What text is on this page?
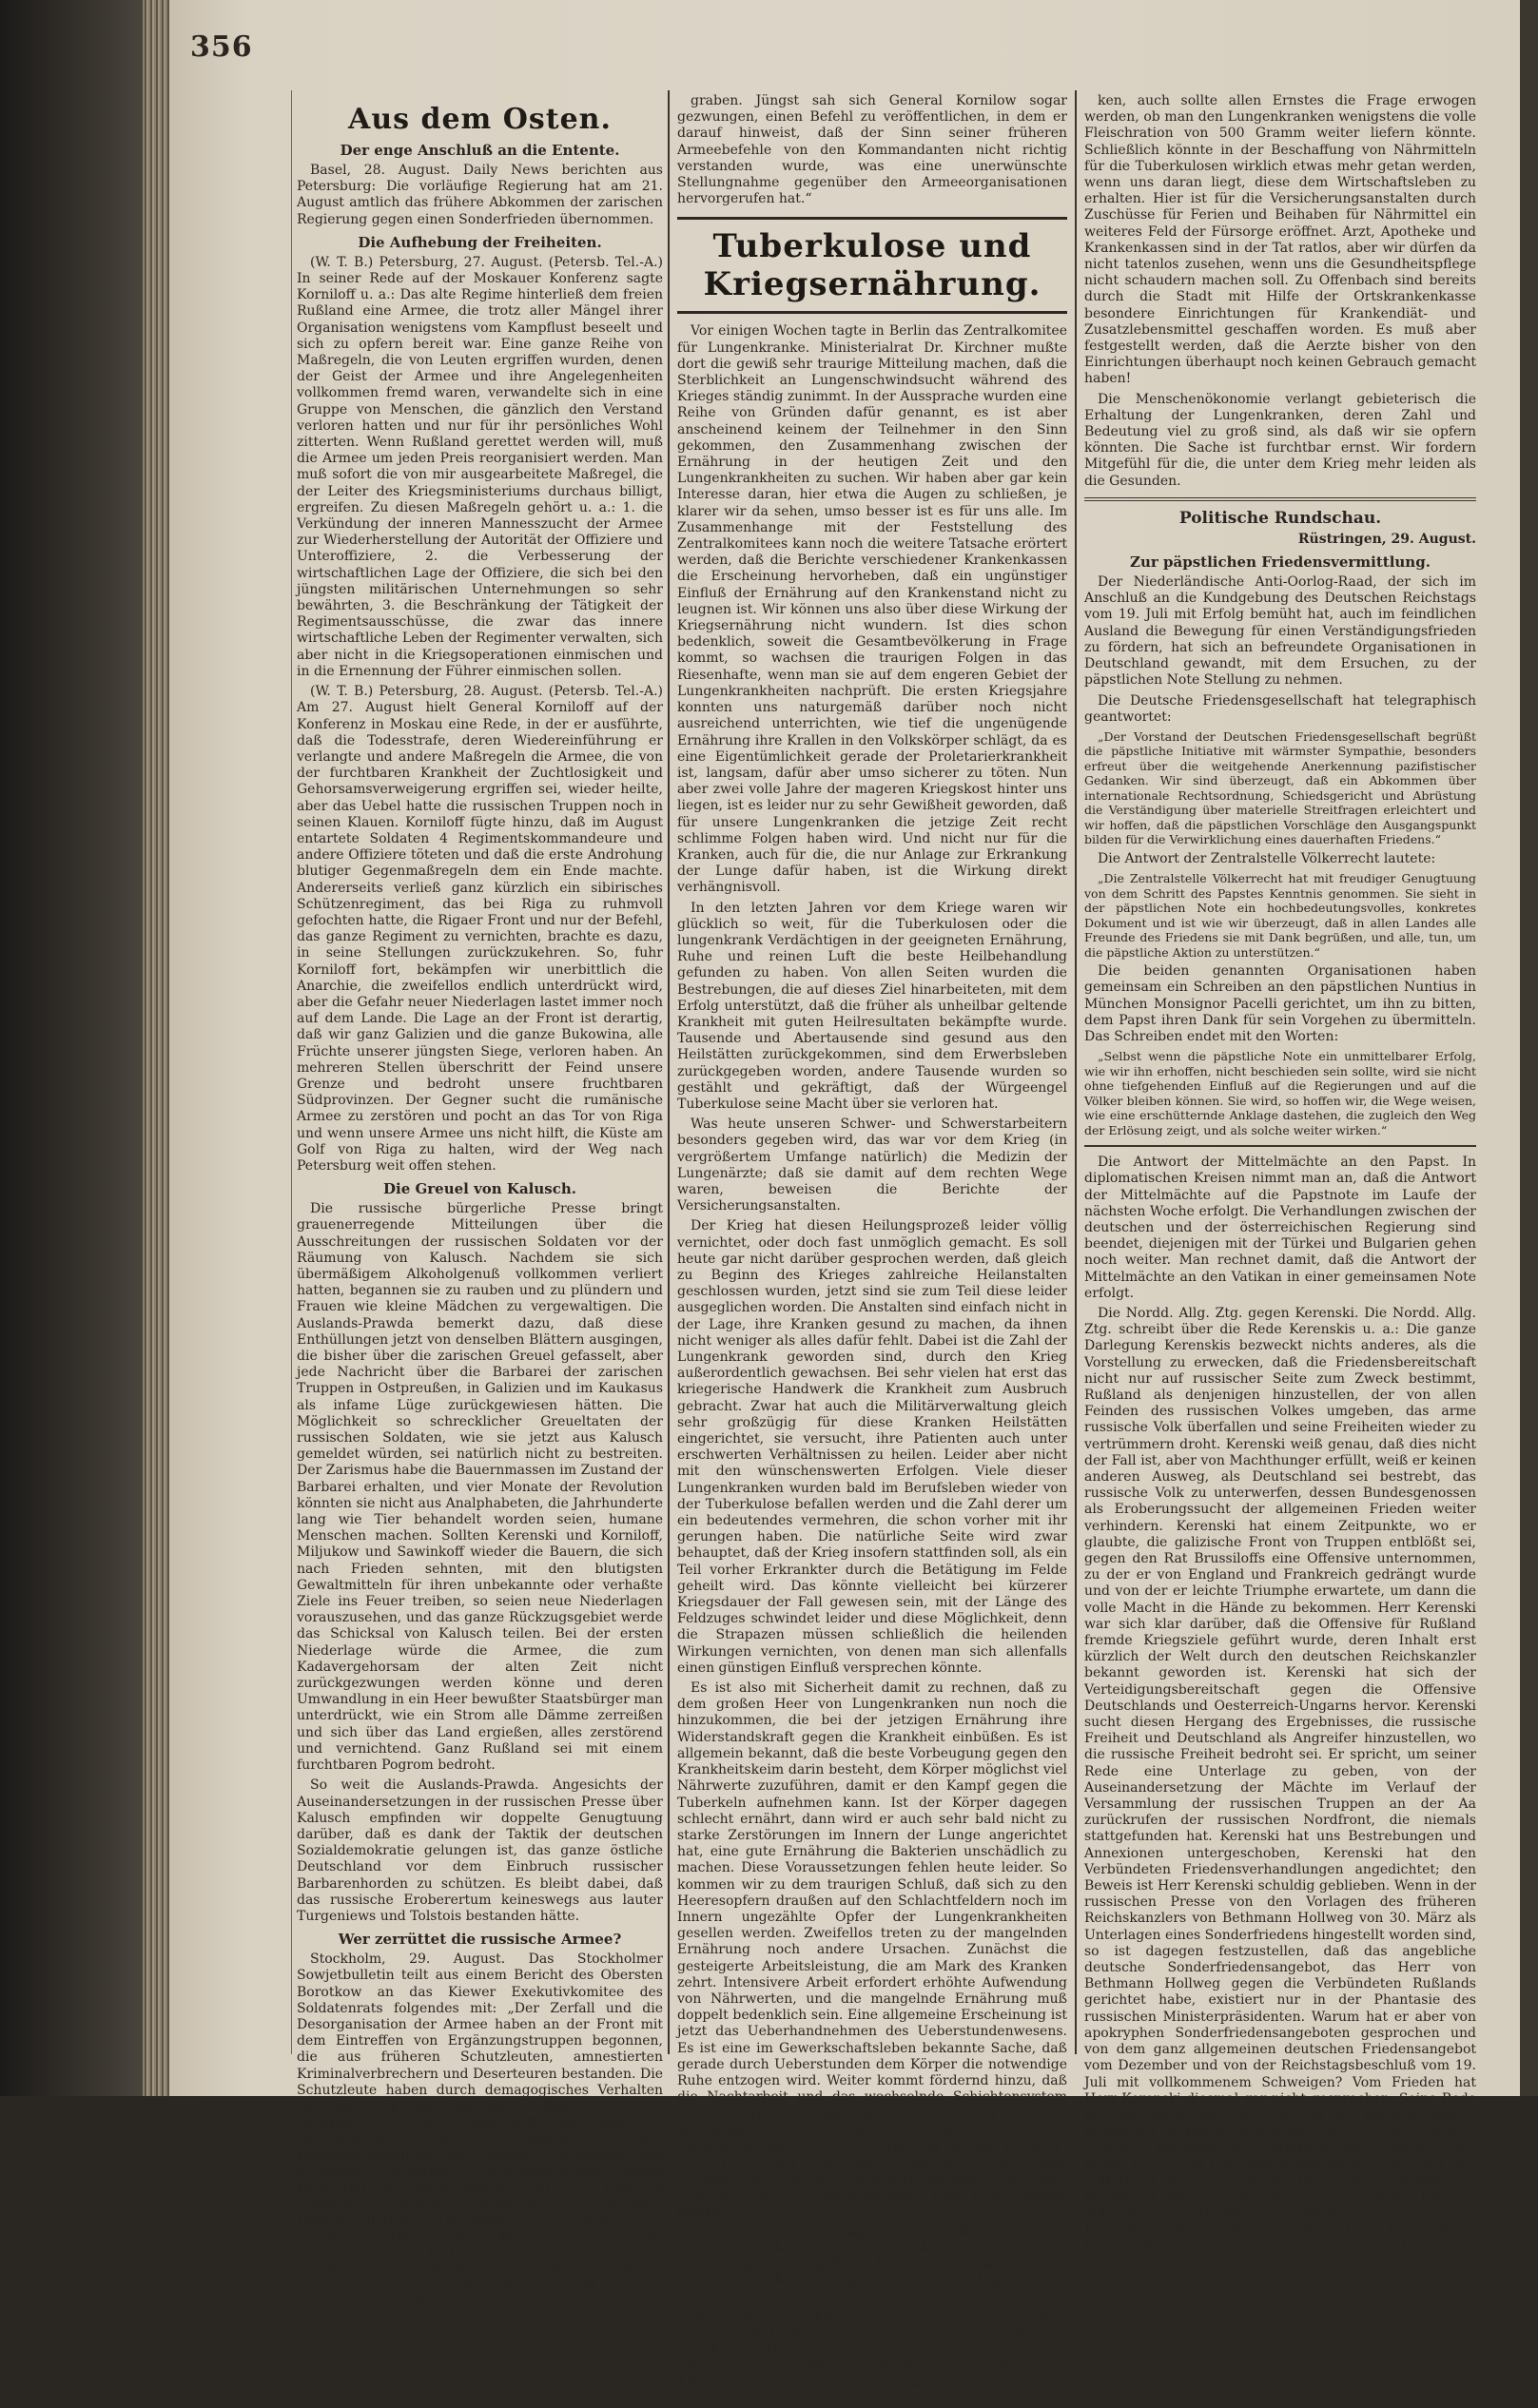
356
Aus dem Osten.
Der enge Anschluß an die Entente.

Basel, 28. August. Daily News berichten aus Petersburg: Die vorläufige Regierung hat am 21. August amtlich das frühere Abkommen der zarischen Regierung gegen einen Sonderfrieden übernommen.

Die Aufhebung der Freiheiten.

(W. T. B.) Petersburg, 27. August. (Petersb. Tel.-A.) In seiner Rede auf der Moskauer Konferenz sagte Korniloff u. a.: Das alte Regime hinterließ dem freien Rußland eine Armee, die trotz aller Mängel ihrer Organisation wenigstens vom Kampflust beseelt und sich zu opfern bereit war. Eine ganze Reihe von Maßregeln, die von Leuten ergriffen wurden, denen der Geist der Armee und ihre Angelegenheiten vollkommen fremd waren, verwandelte sich in eine Gruppe von Menschen, die gänzlich den Verstand verloren hatten und nur für ihr persönliches Wohl zitterten. Wenn Rußland gerettet werden will, muß die Armee um jeden Preis reorganisiert werden. Man muß sofort die von mir ausgearbeitete Maßregel, die der Leiter des Kriegsministeriums durchaus billigt, ergreifen. Zu diesen Maßregeln gehört u. a.: 1. die Verkündung der inneren Mannesszucht der Armee zur Wiederherstellung der Autorität der Offiziere und Unteroffiziere, 2. die Verbesserung der wirtschaftlichen Lage der Offiziere, die sich bei den jüngsten militärischen Unternehmungen so sehr bewährten, 3. die Beschränkung der Tätigkeit der Regimentsausschüsse, die zwar das innere wirtschaftliche Leben der Regimenter verwalten, sich aber nicht in die Kriegsoperationen einmischen und in die Ernennung der Führer einmischen sollen.

(W. T. B.) Petersburg, 28. August. (Petersb. Tel.-A.) Am 27. August hielt General Korniloff auf der Konferenz in Moskau eine Rede, in der er ausführte, daß die Todesstrafe, deren Wiedereinführung er verlangte und andere Maßregeln die Armee, die von der furchtbaren Krankheit der Zuchtlosigkeit und Gehorsamsverweigerung ergriffen sei, wieder heilte, aber das Uebel hatte die russischen Truppen noch in seinen Klauen. Korniloff fügte hinzu, daß im August entartete Soldaten 4 Regimentskommandeure und andere Offiziere töteten und daß die erste Androhung blutiger Gegenmaßregeln dem ein Ende machte. Andererseits verließ ganz kürzlich ein sibirisches Schützenregiment, das bei Riga zu ruhmvoll gefochten hatte, die Rigaer Front und nur der Befehl, das ganze Regiment zu vernichten, brachte es dazu, in seine Stellungen zurückzukehren. So, fuhr Korniloff fort, bekämpfen wir unerbittlich die Anarchie, die zweifellos endlich unterdrückt wird, aber die Gefahr neuer Niederlagen lastet immer noch auf dem Lande. Die Lage an der Front ist derartig, daß wir ganz Galizien und die ganze Bukowina, alle Früchte unserer jüngsten Siege, verloren haben. An mehreren Stellen überschritt der Feind unsere Grenze und bedroht unsere fruchtbaren Südprovinzen. Der Gegner sucht die rumänische Armee zu zerstören und pocht an das Tor von Riga und wenn unsere Armee uns nicht hilft, die Küste am Golf von Riga zu halten, wird der Weg nach Petersburg weit offen stehen.

Die Greuel von Kalusch.

Die russische bürgerliche Presse bringt grauenerregende Mitteilungen über die Ausschreitungen der russischen Soldaten vor der Räumung von Kalusch. Nachdem sie sich übermäßigem Alkoholgenuß vollkommen verliert hatten, begannen sie zu rauben und zu plündern und Frauen wie kleine Mädchen zu vergewaltigen. Die Auslands-Prawda bemerkt dazu, daß diese Enthüllungen jetzt von denselben Blättern ausgingen, die bisher über die zarischen Greuel gefasselt, aber jede Nachricht über die Barbarei der zarischen Truppen in Ostpreußen, in Galizien und im Kaukasus als infame Lüge zurückgewiesen hätten. Die Möglichkeit so schrecklicher Greueltaten der russischen Soldaten, wie sie jetzt aus Kalusch gemeldet würden, sei natürlich nicht zu bestreiten. Der Zarismus habe die Bauernmassen im Zustand der Barbarei erhalten, und vier Monate der Revolution könnten sie nicht aus Analphabeten, die Jahrhunderte lang wie Tier behandelt worden seien, humane Menschen machen. Sollten Kerenski und Korniloff, Miljukow und Sawinkoff wieder die Bauern, die sich nach Frieden sehnten, mit den blutigsten Gewaltmitteln für ihren unbekannte oder verhaßte Ziele ins Feuer treiben, so seien neue Niederlagen vorauszusehen, und das ganze Rückzugsgebiet werde das Schicksal von Kalusch teilen. Bei der ersten Niederlage würde die Armee, die zum Kadavergehorsam der alten Zeit nicht zurückgezwungen werden könne und deren Umwandlung in ein Heer bewußter Staatsbürger man unterdrückt, wie ein Strom alle Dämme zerreißen und sich über das Land ergießen, alles zerstörend und vernichtend. Ganz Rußland sei mit einem furchtbaren Pogrom bedroht.

So weit die Auslands-Prawda. Angesichts der Auseinandersetzungen in der russischen Presse über Kalusch empfinden wir doppelte Genugtuung darüber, daß es dank der Taktik der deutschen Sozialdemokratie gelungen ist, das ganze östliche Deutschland vor dem Einbruch russischer Barbarenhorden zu schützen. Es bleibt dabei, daß das russische Eroberertum keineswegs aus lauter Turgeniews und Tolstois bestanden hätte.

Wer zerrüttet die russische Armee?

Stockholm, 29. August. Das Stockholmer Sowjetbulletin teilt aus einem Bericht des Obersten Borotkow an das Kiewer Exekutivkomitee des Soldatenrats folgendes mit: „Der Zerfall und die Desorganisation der Armee haben an der Front mit dem Eintreffen von Ergänzungstruppen begonnen, die aus früheren Schutzleuten, amnestierten Kriminalverbrechern und Deserteuren bestanden. Die Schutzleute haben durch demagogisches Verhalten das Vertrauen der Soldaten erschlichen. An der Westfront hat sich herausgestellt, daß unter den Vorsitzenden der Regiments- und Kompagniekomitees ein großer Prozentsatz aus gewesenen Gendarmen, Ochranaleuten und anderen Kreaturen des alten Regimes ist. Die früheren Schutzleute bildeten zweifellos eine geheime konterrevolutionäre Organisation in der Armee, die, vor keinen Mitteln zurückschreckend, bestrebt ist, den Zerfall in die Reihen unserer Armee zu tragen, das Vaterland und die Revolution dem Untergang zu weihen. Die Armeestäbe haben die Pflicht, die Soldatenorganisationen zu reinigen und deren Autorität zu heben.

graben. Jüngst sah sich General Kornilow sogar gezwungen, einen Befehl zu veröffentlichen, in dem er darauf hinweist, daß der Sinn seiner früheren Armeebefehle von den Kommandanten nicht richtig verstanden wurde, was eine unerwünschte Stellungnahme gegenüber den Armeeorganisationen hervorgerufen hat.“

Tuberkulose und Kriegsernährung.

Vor einigen Wochen tagte in Berlin das Zentralkomitee für Lungenkranke. Ministerialrat Dr. Kirchner mußte dort die gewiß sehr traurige Mitteilung machen, daß die Sterblichkeit an Lungenschwindsucht während des Krieges ständig zunimmt. In der Aussprache wurden eine Reihe von Gründen dafür genannt, es ist aber anscheinend keinem der Teilnehmer in den Sinn gekommen, den Zusammenhang zwischen der Ernährung in der heutigen Zeit und den Lungenkrankheiten zu suchen. Wir haben aber gar kein Interesse daran, hier etwa die Augen zu schließen, je klarer wir da sehen, umso besser ist es für uns alle. Im Zusammenhange mit der Feststellung des Zentralkomitees kann noch die weitere Tatsache erörtert werden, daß die Berichte verschiedener Krankenkassen die Erscheinung hervorheben, daß ein ungünstiger Einfluß der Ernährung auf den Krankenstand nicht zu leugnen ist. Wir können uns also über diese Wirkung der Kriegsernährung nicht wundern. Ist dies schon bedenklich, soweit die Gesamtbevölkerung in Frage kommt, so wachsen die traurigen Folgen in das Riesenhafte, wenn man sie auf dem engeren Gebiet der Lungenkrankheiten nachprüft. Die ersten Kriegsjahre konnten uns naturgemäß darüber noch nicht ausreichend unterrichten, wie tief die ungenügende Ernährung ihre Krallen in den Volkskörper schlägt, da es eine Eigentümlichkeit gerade der Proletarierkrankheit ist, langsam, dafür aber umso sicherer zu töten. Nun aber zwei volle Jahre der mageren Kriegskost hinter uns liegen, ist es leider nur zu sehr Gewißheit geworden, daß für unsere Lungenkranken die jetzige Zeit recht schlimme Folgen haben wird. Und nicht nur für die Kranken, auch für die, die nur Anlage zur Erkrankung der Lunge dafür haben, ist die Wirkung direkt verhängnisvoll.

In den letzten Jahren vor dem Kriege waren wir glücklich so weit, für die Tuberkulosen oder die lungenkrank Verdächtigen in der geeigneten Ernährung, Ruhe und reinen Luft die beste Heilbehandlung gefunden zu haben. Von allen Seiten wurden die Bestrebungen, die auf dieses Ziel hinarbeiteten, mit dem Erfolg unterstützt, daß die früher als unheilbar geltende Krankheit mit guten Heilresultaten bekämpfte wurde. Tausende und Abertausende sind gesund aus den Heilstätten zurückgekommen, sind dem Erwerbsleben zurückgegeben worden, andere Tausende wurden so gestählt und gekräftigt, daß der Würgeengel Tuberkulose seine Macht über sie verloren hat.

Was heute unseren Schwer- und Schwerstarbeitern besonders gegeben wird, das war vor dem Krieg (in vergrößertem Umfange natürlich) die Medizin der Lungenärzte; daß sie damit auf dem rechten Wege waren, beweisen die Berichte der Versicherungsanstalten.

Der Krieg hat diesen Heilungsprozeß leider völlig vernichtet, oder doch fast unmöglich gemacht. Es soll heute gar nicht darüber gesprochen werden, daß gleich zu Beginn des Krieges zahlreiche Heilanstalten geschlossen wurden, jetzt sind sie zum Teil diese leider ausgeglichen worden. Die Anstalten sind einfach nicht in der Lage, ihre Kranken gesund zu machen, da ihnen nicht weniger als alles dafür fehlt. Dabei ist die Zahl der Lungenkrank geworden sind, durch den Krieg außerordentlich gewachsen. Bei sehr vielen hat erst das kriegerische Handwerk die Krankheit zum Ausbruch gebracht. Zwar hat auch die Militärverwaltung gleich sehr großzügig für diese Kranken Heilstätten eingerichtet, sie versucht, ihre Patienten auch unter erschwerten Verhältnissen zu heilen. Leider aber nicht mit den wünschenswerten Erfolgen. Viele dieser Lungenkranken wurden bald im Berufsleben wieder von der Tuberkulose befallen werden und die Zahl derer um ein bedeutendes vermehren, die schon vorher mit ihr gerungen haben. Die natürliche Seite wird zwar behauptet, daß der Krieg insofern stattfinden soll, als ein Teil vorher Erkrankter durch die Betätigung im Felde geheilt wird. Das könnte vielleicht bei kürzerer Kriegsdauer der Fall gewesen sein, mit der Länge des Feldzuges schwindet leider und diese Möglichkeit, denn die Strapazen müssen schließlich die heilenden Wirkungen vernichten, von denen man sich allenfalls einen günstigen Einfluß versprechen könnte.

Es ist also mit Sicherheit damit zu rechnen, daß zu dem großen Heer von Lungenkranken nun noch die hinzukommen, die bei der jetzigen Ernährung ihre Widerstandskraft gegen die Krankheit einbüßen. Es ist allgemein bekannt, daß die beste Vorbeugung gegen den Krankheitskeim darin besteht, dem Körper möglichst viel Nährwerte zuzuführen, damit er den Kampf gegen die Tuberkeln aufnehmen kann. Ist der Körper dagegen schlecht ernährt, dann wird er auch sehr bald nicht zu starke Zerstörungen im Innern der Lunge angerichtet hat, eine gute Ernährung die Bakterien unschädlich zu machen. Diese Voraussetzungen fehlen heute leider. So kommen wir zu dem traurigen Schluß, daß sich zu den Heeresopfern draußen auf den Schlachtfeldern noch im Innern ungezählte Opfer der Lungenkrankheiten gesellen werden. Zweifellos treten zu der mangelnden Ernährung noch andere Ursachen. Zunächst die gesteigerte Arbeitsleistung, die am Mark des Kranken zehrt. Intensivere Arbeit erfordert erhöhte Aufwendung von Nährwerten, und die mangelnde Ernährung muß doppelt bedenklich sein. Eine allgemeine Erscheinung ist jetzt das Ueberhandnehmen des Ueberstundenwesens. Es ist eine im Gewerkschaftsleben bekannte Sache, daß gerade durch Ueberstunden dem Körper die notwendige Ruhe entzogen wird. Weiter kommt fördernd hinzu, daß die Nachtarbeit und das wechselnde Schichtensystem weitere Körperkräfte aufzehrt, schließlich darf die laxere Handhabung der Schutzeinrichtungen bei der Absaugung von Staub nicht vergessen werden. Dadurch, daß Frauen und Jugendliche nicht mehr den Schutz genießen, der für die Gesundheit notwendig ist, wird sich so in deren Gesundheitsstand noch bitter fühlbar machen.

Leider ist ganz wenig Aussicht, diese Gefahren während des Krieges beheben zu können; rechnen wir doch die ganze mangelhafte Ernährung, dann haben wir die ernsten Kriegsgefahren für die Volksgesundheit zusammen.

Wie ist da zu tun, hier halt zu gebieten? Es wäre nötig, den Lungenkranken an Stelle der Nahrungsmittel, die wir ihnen nicht geben können, wenigstens verringerte Arbeitszeit zu gewähren, um ihren an sich geschwächten Körper zu schonen. Ferien von längerer Dauer könnten Wunder wir-

ken, auch sollte allen Ernstes die Frage erwogen werden, ob man den Lungenkranken wenigstens die volle Fleischration von 500 Gramm weiter liefern könnte. Schließlich könnte in der Beschaffung von Nährmitteln für die Tuberkulosen wirklich etwas mehr getan werden, wenn uns daran liegt, diese dem Wirtschaftsleben zu erhalten. Hier ist für die Versicherungsanstalten durch Zuschüsse für Ferien und Beihaben für Nährmittel ein weiteres Feld der Fürsorge eröffnet. Arzt, Apotheke und Krankenkassen sind in der Tat ratlos, aber wir dürfen da nicht tatenlos zusehen, wenn uns die Gesundheitspflege nicht schaudern machen soll. Zu Offenbach sind bereits durch die Stadt mit Hilfe der Ortskrankenkasse besondere Einrichtungen für Krankendiät- und Zusatzlebensmittel geschaffen worden. Es muß aber festgestellt werden, daß die Aerzte bisher von den Einrichtungen überhaupt noch keinen Gebrauch gemacht haben!

Die Menschenökonomie verlangt gebieterisch die Erhaltung der Lungenkranken, deren Zahl und Bedeutung viel zu groß sind, als daß wir sie opfern könnten. Die Sache ist furchtbar ernst. Wir fordern Mitgefühl für die, die unter dem Krieg mehr leiden als die Gesunden.

Politische Rundschau.
Rüstringen, 29. August.
Zur päpstlichen Friedensvermittlung.

Der Niederländische Anti-Oorlog-Raad, der sich im Anschluß an die Kundgebung des Deutschen Reichstags vom 19. Juli mit Erfolg bemüht hat, auch im feindlichen Ausland die Bewegung für einen Verständigungsfrieden zu fördern, hat sich an befreundete Organisationen in Deutschland gewandt, mit dem Ersuchen, zu der päpstlichen Note Stellung zu nehmen.

Die Deutsche Friedensgesellschaft hat telegraphisch geantwortet:

„Der Vorstand der Deutschen Friedensgesellschaft begrüßt die päpstliche Initiative mit wärmster Sympathie, besonders erfreut über die weitgehende Anerkennung pazifistischer Gedanken. Wir sind überzeugt, daß ein Abkommen über internationale Rechtsordnung, Schiedsgericht und Abrüstung die Verständigung über materielle Streitfragen erleichtert und wir hoffen, daß die päpstlichen Vorschläge den Ausgangspunkt bilden für die Verwirklichung eines dauerhaften Friedens.“

Die Antwort der Zentralstelle Völkerrecht lautete:

„Die Zentralstelle Völkerrecht hat mit freudiger Genugtuung von dem Schritt des Papstes Kenntnis genommen. Sie sieht in der päpstlichen Note ein hochbedeutungsvolles, konkretes Dokument und ist wie wir überzeugt, daß in allen Landes alle Freunde des Friedens sie mit Dank begrüßen, und alle, tun, um die päpstliche Aktion zu unterstützen.“

Die beiden genannten Organisationen haben gemeinsam ein Schreiben an den päpstlichen Nuntius in München Monsignor Pacelli gerichtet, um ihn zu bitten, dem Papst ihren Dank für sein Vorgehen zu übermitteln. Das Schreiben endet mit den Worten:

„Selbst wenn die päpstliche Note ein unmittelbarer Erfolg, wie wir ihn erhoffen, nicht beschieden sein sollte, wird sie nicht ohne tiefgehenden Einfluß auf die Regierungen und auf die Völker bleiben können. Sie wird, so hoffen wir, die Wege weisen, wie eine erschütternde Anklage dastehen, die zugleich den Weg der Erlösung zeigt, und als solche weiter wirken.“

Die Antwort der Mittelmächte an den Papst. In diplomatischen Kreisen nimmt man an, daß die Antwort der Mittelmächte auf die Papstnote im Laufe der nächsten Woche erfolgt. Die Verhandlungen zwischen der deutschen und der österreichischen Regierung sind beendet, diejenigen mit der Türkei und Bulgarien gehen noch weiter. Man rechnet damit, daß die Antwort der Mittelmächte an den Vatikan in einer gemeinsamen Note erfolgt.

Die Nordd. Allg. Ztg. gegen Kerenski. Die Nordd. Allg. Ztg. schreibt über die Rede Kerenskis u. a.: Die ganze Darlegung Kerenskis bezweckt nichts anderes, als die Vorstellung zu erwecken, daß die Friedensbereitschaft nicht nur auf russischer Seite zum Zweck bestimmt, Rußland als denjenigen hinzustellen, der von allen Feinden des russischen Volkes umgeben, das arme russische Volk überfallen und seine Freiheiten wieder zu vertrümmern droht. Kerenski weiß genau, daß dies nicht der Fall ist, aber von Machthunger erfüllt, weiß er keinen anderen Ausweg, als Deutschland sei bestrebt, das russische Volk zu unterwerfen, dessen Bundesgenossen als Eroberungssucht der allgemeinen Frieden weiter verhindern. Kerenski hat einem Zeitpunkte, wo er glaubte, die galizische Front von Truppen entblößt sei, gegen den Rat Brussiloffs eine Offensive unternommen, zu der er von England und Frankreich gedrängt wurde und von der er leichte Triumphe erwartete, um dann die volle Macht in die Hände zu bekommen. Herr Kerenski war sich klar darüber, daß die Offensive für Rußland fremde Kriegsziele geführt wurde, deren Inhalt erst kürzlich der Welt durch den deutschen Reichskanzler bekannt geworden ist. Kerenski hat sich der Verteidigungsbereitschaft gegen die Offensive Deutschlands und Oesterreich-Ungarns hervor. Kerenski sucht diesen Hergang des Ergebnisses, die russische Freiheit und Deutschland als Angreifer hinzustellen, wo die russische Freiheit bedroht sei. Er spricht, um seiner Rede eine Unterlage zu geben, von der Auseinandersetzung der Mächte im Verlauf der Versammlung der russischen Truppen an der Aa zurückrufen der russischen Nordfront, die niemals stattgefunden hat. Kerenski hat uns Bestrebungen und Annexionen untergeschoben, Kerenski hat den Verbündeten Friedensverhandlungen angedichtet; den Beweis ist Herr Kerenski schuldig geblieben. Wenn in der russischen Presse von den Vorlagen des früheren Reichskanzlers von Bethmann Hollweg von 30. März als Unterlagen eines Sonderfriedens hingestellt worden sind, so ist dagegen festzustellen, daß das angebliche deutsche Sonderfriedensangebot, das Herr von Bethmann Hollweg gegen die Verbündeten Rußlands gerichtet habe, existiert nur in der Phantasie des russischen Ministerpräsidenten. Warum hat er aber von apokryphen Sonderfriedensangeboten gesprochen und von dem ganz allgemeinen deutschen Friedensangebot vom Dezember und von der Reichstagsbeschluß vom 19. Juli mit vollkommenem Schweigen? Vom Frieden hat Herr Kerenski diesmal gar nicht gesprochen. Seine Rede ist eine Kriegsrede. Damit wird er sich bei dem wahren Beifall der Verbündeten Rußlands ernten. Das russische Volk wird aus seiner Rede erfahren, daß er am 21. April in der russischen Eisenbahnkonferenz gefordert hat und erklärt er aus: „Genossen! Indem die provisorische Regierung den Willen des Volkes erfüllt, hat sie unfreiwillig in Ansehung des Krieges das ganze alte Kriegsprogramm geändert und allen Eroberungs-, Vergewaltigungs- und Annexionsplänen entsagt.
